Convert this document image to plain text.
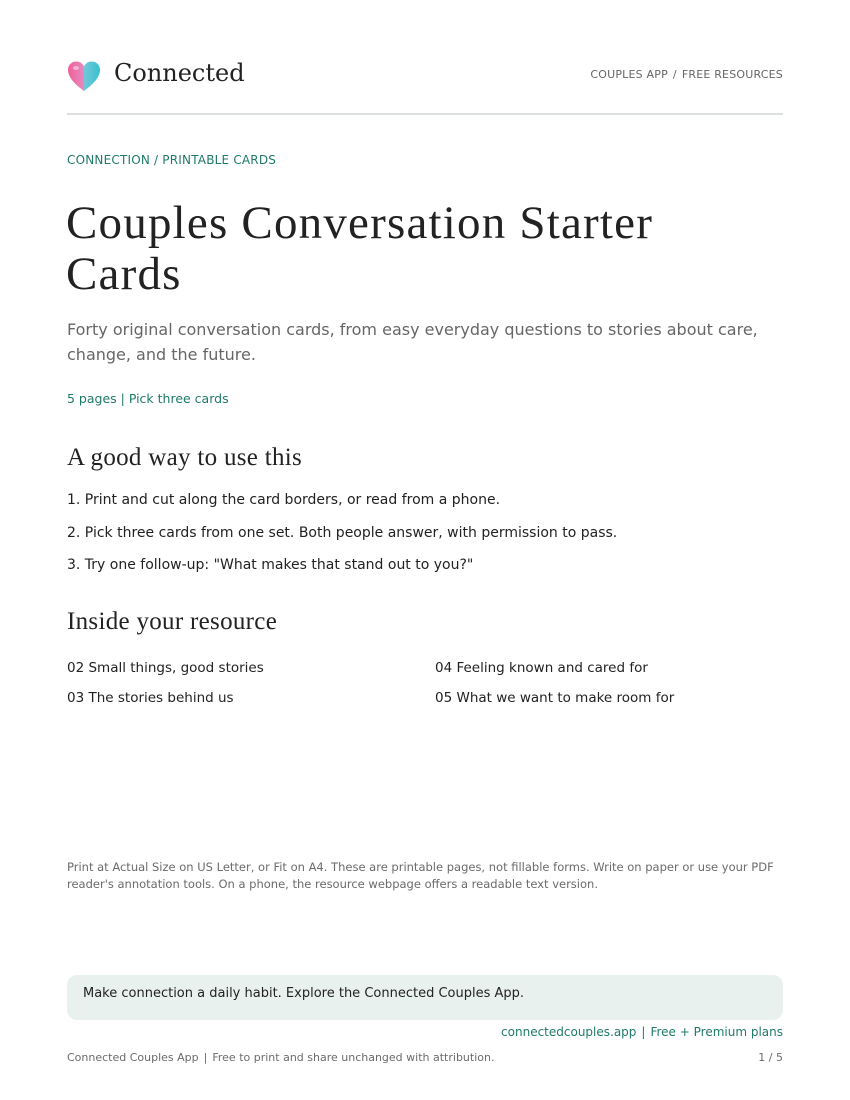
Connected	COUPLES APP / FREE RESOURCES
CONNECTION / PRINTABLE CARDS
Couples Conversation Starter
Cards

Forty original conversation cards, from easy everyday questions to stories about care, change, and the future.

5 pages | Pick three cards
A good way to use this
1. Print and cut along the card borders, or read from a phone.
2. Pick three cards from one set. Both people answer, with permission to pass.
3. Try one follow-up: "What makes that stand out to you?"
Inside your resource
02 Small things, good stories
03 The stories behind us
04 Feeling known and cared for
05 What we want to make room for

Print at Actual Size on US Letter, or Fit on A4. These are printable pages, not fillable forms. Write on paper or use your PDF reader's annotation tools. On a phone, the resource webpage offers a readable text version.

Make connection a daily habit. Explore the Connected Couples App.
connectedcouples.app | Free + Premium plans
Connected Couples App | Free to print and share unchanged with attribution.	1 / 5
